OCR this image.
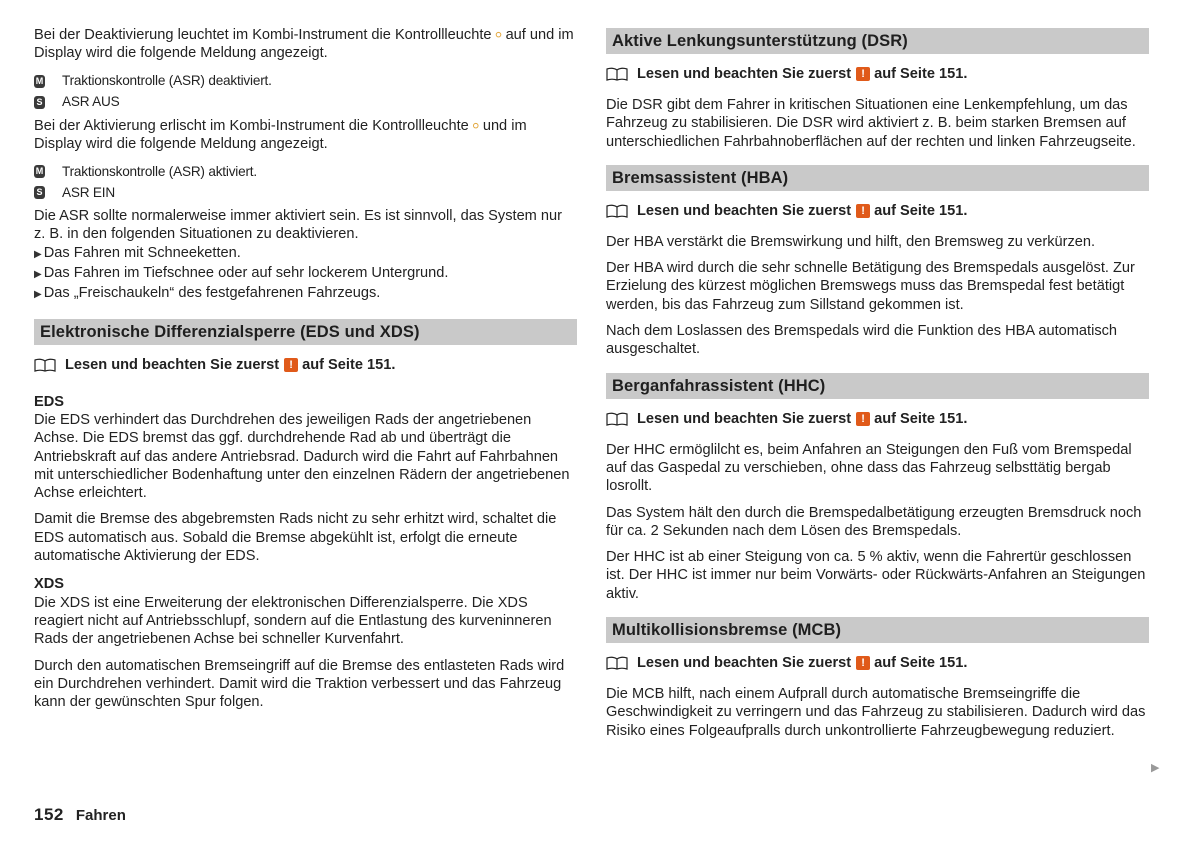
Bei der Deaktivierung leuchtet im Kombi-Instrument die Kontrollleuchte ⚪ auf und im Display wird die folgende Meldung angezeigt.

M Traktionskontrolle (ASR) deaktiviert.
S ASR AUS

Bei der Aktivierung erlischt im Kombi-Instrument die Kontrollleuchte ⚪ und im Display wird die folgende Meldung angezeigt.

M Traktionskontrolle (ASR) aktiviert.
S ASR EIN

Die ASR sollte normalerweise immer aktiviert sein. Es ist sinnvoll, das System nur z. B. in den folgenden Situationen zu deaktivieren.

▶ Das Fahren mit Schneeketten.
▶ Das Fahren im Tiefschnee oder auf sehr lockerem Untergrund.
▶ Das „Freischaukeln“ des festgefahrenen Fahrzeugs.
Elektronische Differenzialsperre (EDS und XDS)
Lesen und beachten Sie zuerst ! auf Seite 151.
EDS

Die EDS verhindert das Durchdrehen des jeweiligen Rads der angetriebenen Achse. Die EDS bremst das ggf. durchdrehende Rad ab und überträgt die Antriebskraft auf das andere Antriebsrad. Dadurch wird die Fahrt auf Fahrbahnen mit unterschiedlicher Bodenhaftung unter den einzelnen Rädern der angetriebenen Achse erleichtert.

Damit die Bremse des abgebremsten Rads nicht zu sehr erhitzt wird, schaltet die EDS automatisch aus. Sobald die Bremse abgekühlt ist, erfolgt die erneute automatische Aktivierung der EDS.

XDS

Die XDS ist eine Erweiterung der elektronischen Differenzialsperre. Die XDS reagiert nicht auf Antriebsschlupf, sondern auf die Entlastung des kurveninneren Rads der angetriebenen Achse bei schneller Kurvenfahrt.

Durch den automatischen Bremseingriff auf die Bremse des entlasteten Rads wird ein Durchdrehen verhindert. Damit wird die Traktion verbessert und das Fahrzeug kann der gewünschten Spur folgen.

Aktive Lenkungsunterstützung (DSR)
Lesen und beachten Sie zuerst ! auf Seite 151.

Die DSR gibt dem Fahrer in kritischen Situationen eine Lenkempfehlung, um das Fahrzeug zu stabilisieren. Die DSR wird aktiviert z. B. beim starken Bremsen auf unterschiedlichen Fahrbahnoberflächen auf der rechten und linken Fahrzeugseite.

Bremsassistent (HBA)
Lesen und beachten Sie zuerst ! auf Seite 151.

Der HBA verstärkt die Bremswirkung und hilft, den Bremsweg zu verkürzen.

Der HBA wird durch die sehr schnelle Betätigung des Bremspedals ausgelöst. Zur Erzielung des kürzest möglichen Bremswegs muss das Bremspedal fest betätigt werden, bis das Fahrzeug zum Sillstand gekommen ist.

Nach dem Loslassen des Bremspedals wird die Funktion des HBA automatisch ausgeschaltet.

Berganfahrassistent (HHC)
Lesen und beachten Sie zuerst ! auf Seite 151.

Der HHC ermöglilcht es, beim Anfahren an Steigungen den Fuß vom Bremspedal auf das Gaspedal zu verschieben, ohne dass das Fahrzeug selbsttätig bergab losrollt.

Das System hält den durch die Bremspedalbetätigung erzeugten Bremsdruck noch für ca. 2 Sekunden nach dem Lösen des Bremspedals.

Der HHC ist ab einer Steigung von ca. 5 % aktiv, wenn die Fahrertür geschlossen ist. Der HHC ist immer nur beim Vorwärts- oder Rückwärts-Anfahren an Steigungen aktiv.

Multikollisionsbremse (MCB)
Lesen und beachten Sie zuerst ! auf Seite 151.

Die MCB hilft, nach einem Aufprall durch automatische Bremseingriffe die Geschwindigkeit zu verringern und das Fahrzeug zu stabilisieren. Dadurch wird das Risiko eines Folgeaufpralls durch unkontrollierte Fahrzeugbewegung reduziert.

▶
152 Fahren
